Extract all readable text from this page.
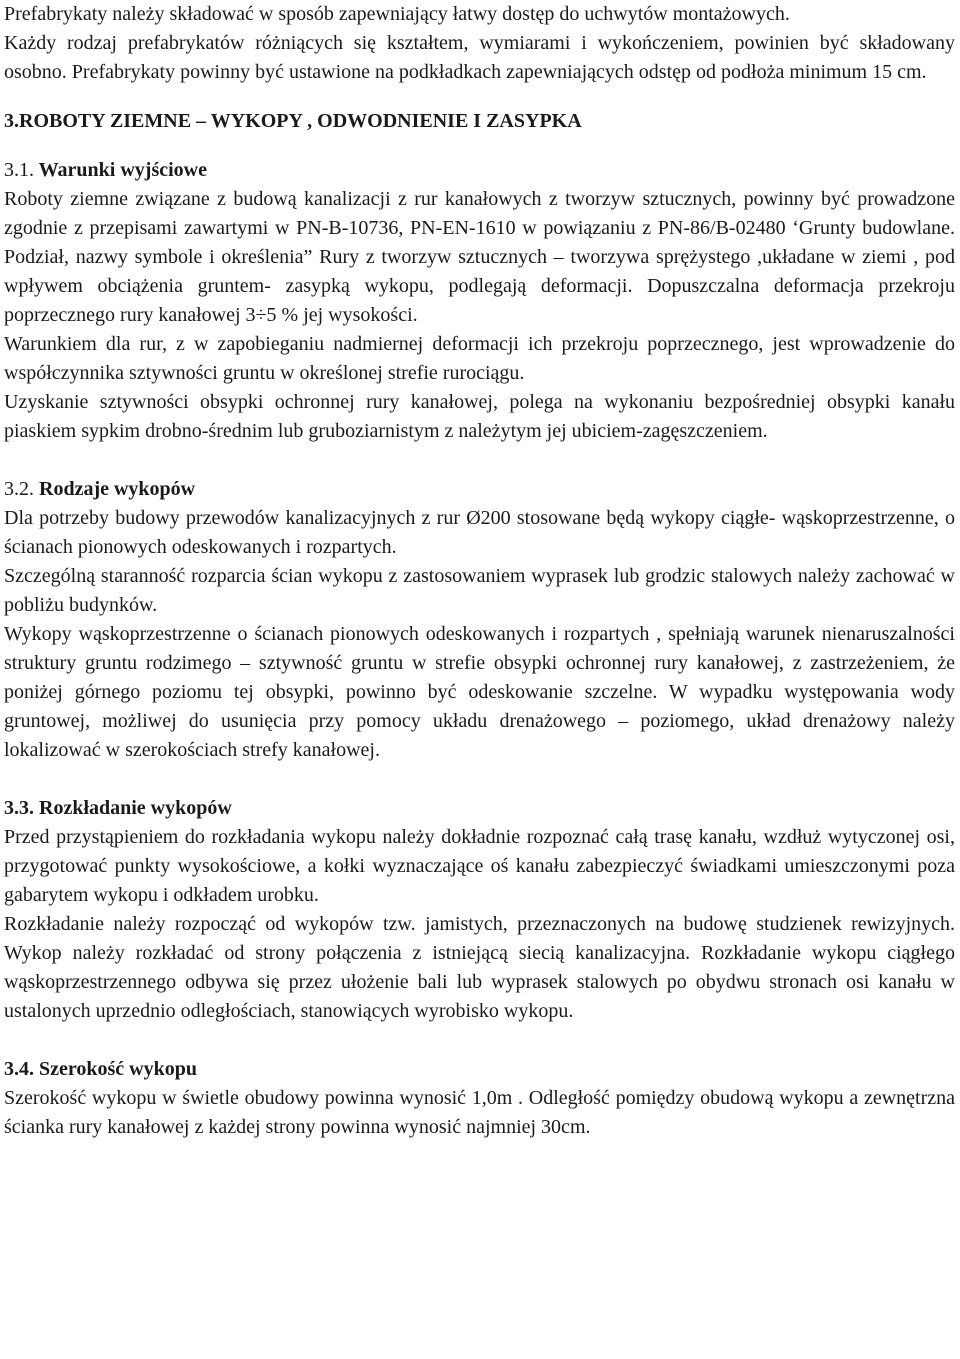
Prefabrykaty należy składować w sposób zapewniający łatwy dostęp do uchwytów montażowych.

Każdy rodzaj prefabrykatów różniących się kształtem, wymiarami i wykończeniem, powinien być składowany osobno. Prefabrykaty powinny być ustawione na podkładkach zapewniających odstęp od podłoża minimum 15 cm.

3.ROBOTY ZIEMNE – WYKOPY , ODWODNIENIE I ZASYPKA

3.1. Warunki wyjściowe

Roboty ziemne związane z budową kanalizacji z rur kanałowych z tworzyw sztucznych, powinny być prowadzone zgodnie z przepisami zawartymi w PN-B-10736, PN-EN-1610 w powiązaniu z PN-86/B-02480 ‘Grunty budowlane. Podział, nazwy symbole i określenia” Rury z tworzyw sztucznych – tworzywa sprężystego ,układane w ziemi , pod wpływem obciążenia gruntem- zasypką wykopu, podlegają deformacji. Dopuszczalna deformacja przekroju poprzecznego rury kanałowej 3÷5 % jej wysokości.

Warunkiem dla rur, z w zapobieganiu nadmiernej deformacji ich przekroju poprzecznego, jest wprowadzenie do współczynnika sztywności gruntu w określonej strefie rurociągu.

Uzyskanie sztywności obsypki ochronnej rury kanałowej, polega na wykonaniu bezpośredniej obsypki kanału piaskiem sypkim drobno-średnim lub gruboziarnistym z należytym jej ubiciem-zagęszczeniem.

3.2. Rodzaje wykopów

Dla potrzeby budowy przewodów kanalizacyjnych z rur Ø200 stosowane będą wykopy ciągłe- wąskoprzestrzenne, o ścianach pionowych odeskowanych i rozpartych.

Szczególną staranność rozparcia ścian wykopu z zastosowaniem wyprasek lub grodzic stalowych należy zachować w pobliżu budynków.

Wykopy wąskoprzestrzenne o ścianach pionowych odeskowanych i rozpartych , spełniają warunek nienaruszalności struktury gruntu rodzimego – sztywność gruntu w strefie obsypki ochronnej rury kanałowej, z zastrzeżeniem, że poniżej górnego poziomu tej obsypki, powinno być odeskowanie szczelne. W wypadku występowania wody gruntowej, możliwej do usunięcia przy pomocy układu drenażowego – poziomego, układ drenażowy należy lokalizować w szerokościach strefy kanałowej.

3.3. Rozkładanie wykopów

Przed przystąpieniem do rozkładania wykopu należy dokładnie rozpoznać całą trasę kanału, wzdłuż wytyczonej osi, przygotować punkty wysokościowe, a kołki wyznaczające oś kanału zabezpieczyć świadkami umieszczonymi poza gabarytem wykopu i odkładem urobku.

Rozkładanie należy rozpocząć od wykopów tzw. jamistych, przeznaczonych na budowę studzienek rewizyjnych. Wykop należy rozkładać od strony połączenia z istniejącą siecią kanalizacyjna. Rozkładanie wykopu ciągłego wąskoprzestrzennego odbywa się przez ułożenie bali lub wyprasek stalowych po obydwu stronach osi kanału w ustalonych uprzednio odległościach, stanowiących wyrobisko wykopu.

3.4. Szerokość wykopu

Szerokość wykopu w świetle obudowy powinna wynosić 1,0m . Odległość pomiędzy obudową wykopu a zewnętrzna ścianka rury kanałowej z każdej strony powinna wynosić najmniej 30cm.
